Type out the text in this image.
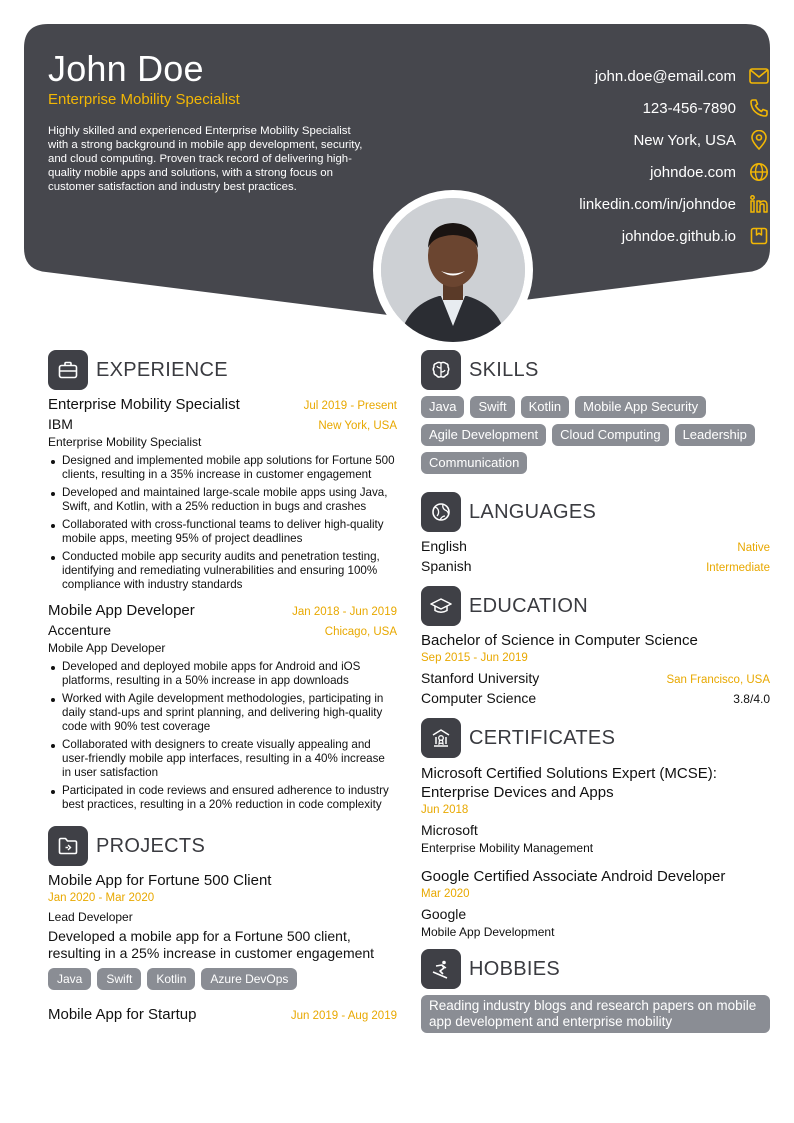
John Doe
Enterprise Mobility Specialist
Highly skilled and experienced Enterprise Mobility Specialist with a strong background in mobile app development, security, and cloud computing. Proven track record of delivering high-quality mobile apps and solutions, with a strong focus on customer satisfaction and industry best practices.
john.doe@email.com
123-456-7890
New York, USA
johndoe.com
linkedin.com/in/johndoe
johndoe.github.io
EXPERIENCE
Enterprise Mobility Specialist	Jul 2019 - Present
IBM	New York, USA
Enterprise Mobility Specialist
Designed and implemented mobile app solutions for Fortune 500 clients, resulting in a 35% increase in customer engagement
Developed and maintained large-scale mobile apps using Java, Swift, and Kotlin, with a 25% reduction in bugs and crashes
Collaborated with cross-functional teams to deliver high-quality mobile apps, meeting 95% of project deadlines
Conducted mobile app security audits and penetration testing, identifying and remediating vulnerabilities and ensuring 100% compliance with industry standards
Mobile App Developer	Jan 2018 - Jun 2019
Accenture	Chicago, USA
Mobile App Developer
Developed and deployed mobile apps for Android and iOS platforms, resulting in a 50% increase in app downloads
Worked with Agile development methodologies, participating in daily stand-ups and sprint planning, and delivering high-quality code with 90% test coverage
Collaborated with designers to create visually appealing and user-friendly mobile app interfaces, resulting in a 40% increase in user satisfaction
Participated in code reviews and ensured adherence to industry best practices, resulting in a 20% reduction in code complexity
PROJECTS
Mobile App for Fortune 500 Client
Jan 2020 - Mar 2020
Lead Developer
Developed a mobile app for a Fortune 500 client, resulting in a 25% increase in customer engagement
Java	Swift	Kotlin	Azure DevOps
Mobile App for Startup	Jun 2019 - Aug 2019
SKILLS
Java	Swift	Kotlin	Mobile App Security
Agile Development	Cloud Computing	Leadership
Communication
LANGUAGES
English	Native
Spanish	Intermediate
EDUCATION
Bachelor of Science in Computer Science
Sep 2015 - Jun 2019
Stanford University	San Francisco, USA
Computer Science	3.8/4.0
CERTIFICATES
Microsoft Certified Solutions Expert (MCSE): Enterprise Devices and Apps
Jun 2018
Microsoft
Enterprise Mobility Management
Google Certified Associate Android Developer
Mar 2020
Google
Mobile App Development
HOBBIES
Reading industry blogs and research papers on mobile app development and enterprise mobility
